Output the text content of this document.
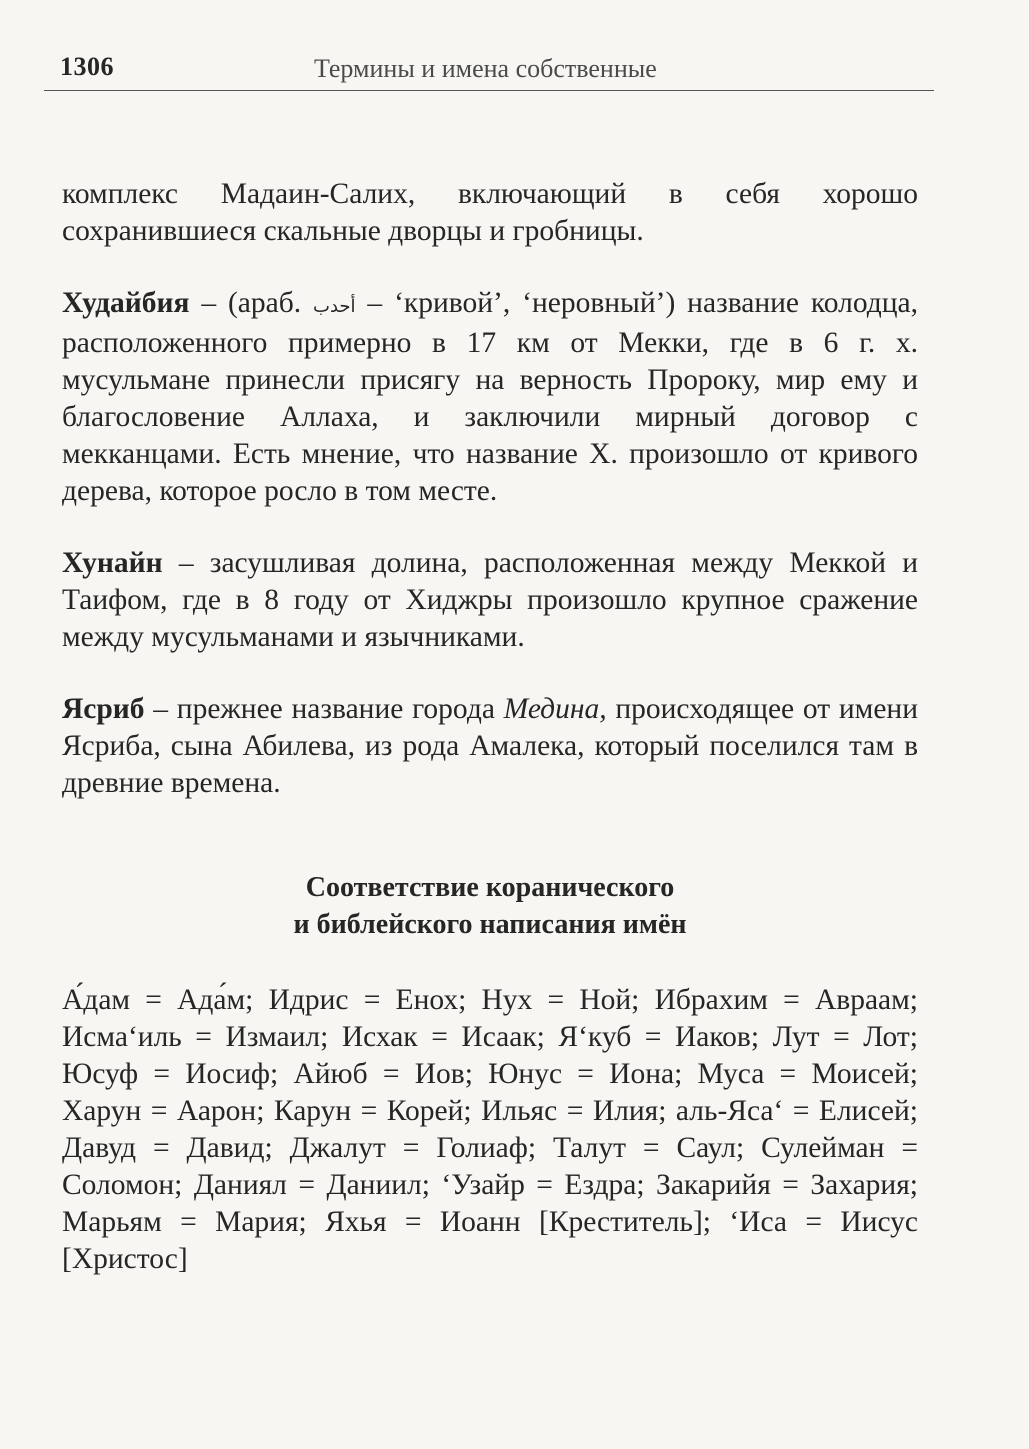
1306	Термины и имена собственные

комплекс Мадаин-Салих, включающий в себя хорошо сохранившиеся скальные дворцы и гробницы.

Худайбия – (араб. أحدب – ‘кривой’, ‘неровный’) название колодца, расположенного примерно в 17 км от Мекки, где в 6 г. х. мусульмане принесли присягу на верность Пророку, мир ему и благословение Аллаха, и заключили мирный договор с мекканцами. Есть мнение, что название Х. произошло от кривого дерева, которое росло в том месте.

Хунайн – засушливая долина, расположенная между Меккой и Таифом, где в 8 году от Хиджры произошло крупное сражение между мусульманами и язычниками.

Ясриб – прежнее название города Медина, происходящее от имени Ясриба, сына Абилева, из рода Амалека, который поселился там в древние времена.

Соответствие коранического
и библейского написания имён

А́дам = Ада́м; Идрис = Енох; Нух = Ной; Ибрахим = Авраам; Исма‘иль = Измаил; Исхак = Исаак; Я‘куб = Иаков; Лут = Лот; Юсуф = Иосиф; Айюб = Иов; Юнус = Иона; Муса = Моисей; Харун = Аарон; Карун = Корей; Ильяс = Илия; аль-Яса‘ = Елисей; Давуд = Давид; Джалут = Голиаф; Талут = Саул; Сулейман = Соломон; Даниял = Даниил; ‘Узайр = Ездра; Закарийя = Захария; Марьям = Мария; Яхья = Иоанн [Креститель]; ‘Иса = Иисус [Христос]
